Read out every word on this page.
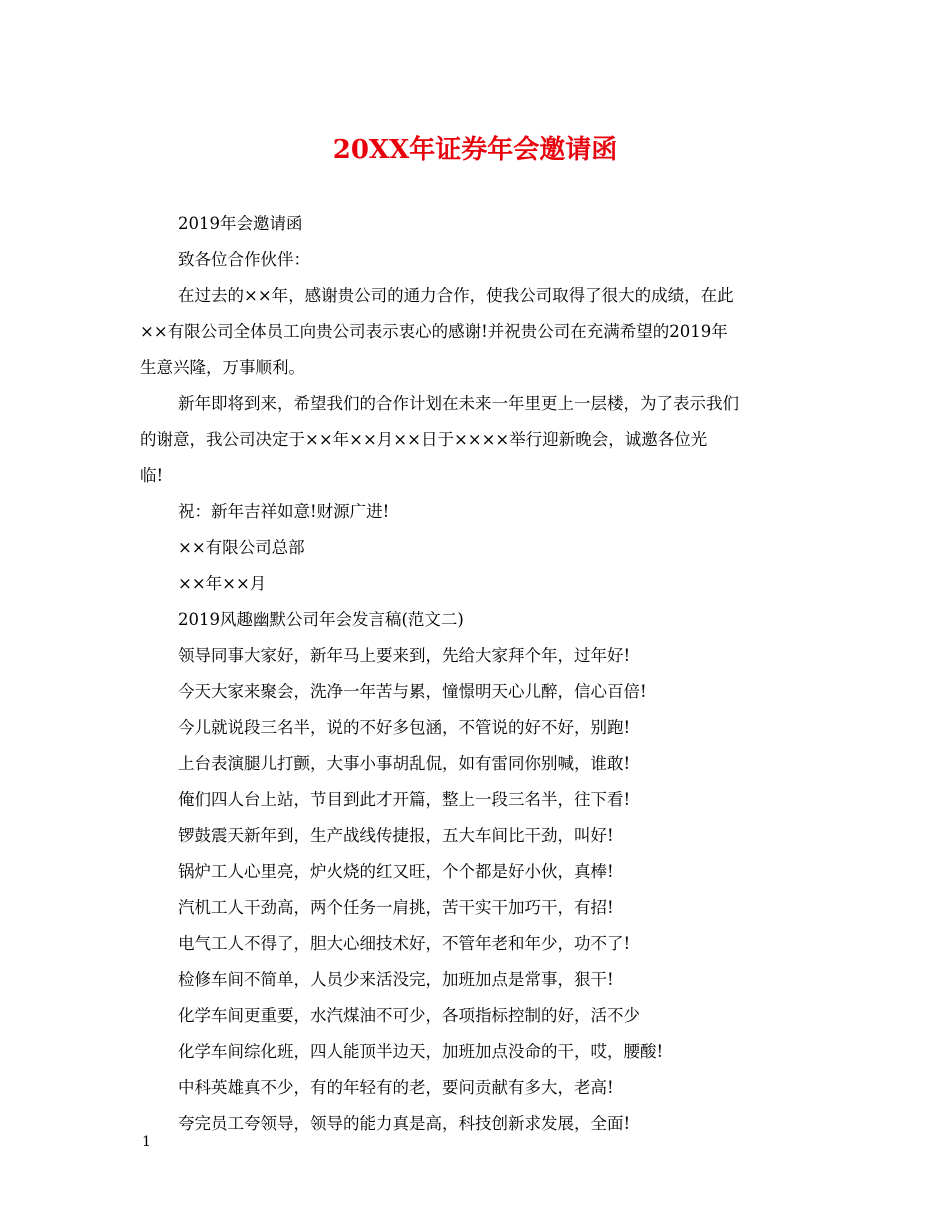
20XX年证券年会邀请函
2019年会邀请函
致各位合作伙伴：
在过去的××年，感谢贵公司的通力合作，使我公司取得了很大的成绩，在此
××有限公司全体员工向贵公司表示衷心的感谢!并祝贵公司在充满希望的2019年
生意兴隆，万事顺利。
新年即将到来，希望我们的合作计划在未来一年里更上一层楼，为了表示我们
的谢意，我公司决定于××年××月××日于××××举行迎新晚会，诚邀各位光
临!
祝：新年吉祥如意!财源广进!
××有限公司总部
××年××月
2019风趣幽默公司年会发言稿(范文二)
领导同事大家好，新年马上要来到，先给大家拜个年，过年好!
今天大家来聚会，洗净一年苦与累，憧憬明天心儿醉，信心百倍!
今儿就说段三名半，说的不好多包涵，不管说的好不好，别跑!
上台表演腿儿打颤，大事小事胡乱侃，如有雷同你别喊，谁敢!
俺们四人台上站，节目到此才开篇，整上一段三名半，往下看!
锣鼓震天新年到，生产战线传捷报，五大车间比干劲，叫好!
锅炉工人心里亮，炉火烧的红又旺，个个都是好小伙，真棒!
汽机工人干劲高，两个任务一肩挑，苦干实干加巧干，有招!
电气工人不得了，胆大心细技术好，不管年老和年少，功不了!
检修车间不简单，人员少来活没完，加班加点是常事，狠干!
化学车间更重要，水汽煤油不可少，各项指标控制的好，活不少
化学车间综化班，四人能顶半边天，加班加点没命的干，哎，腰酸!
中科英雄真不少，有的年轻有的老，要问贡献有多大，老高!
夸完员工夸领导，领导的能力真是高，科技创新求发展，全面!
1
